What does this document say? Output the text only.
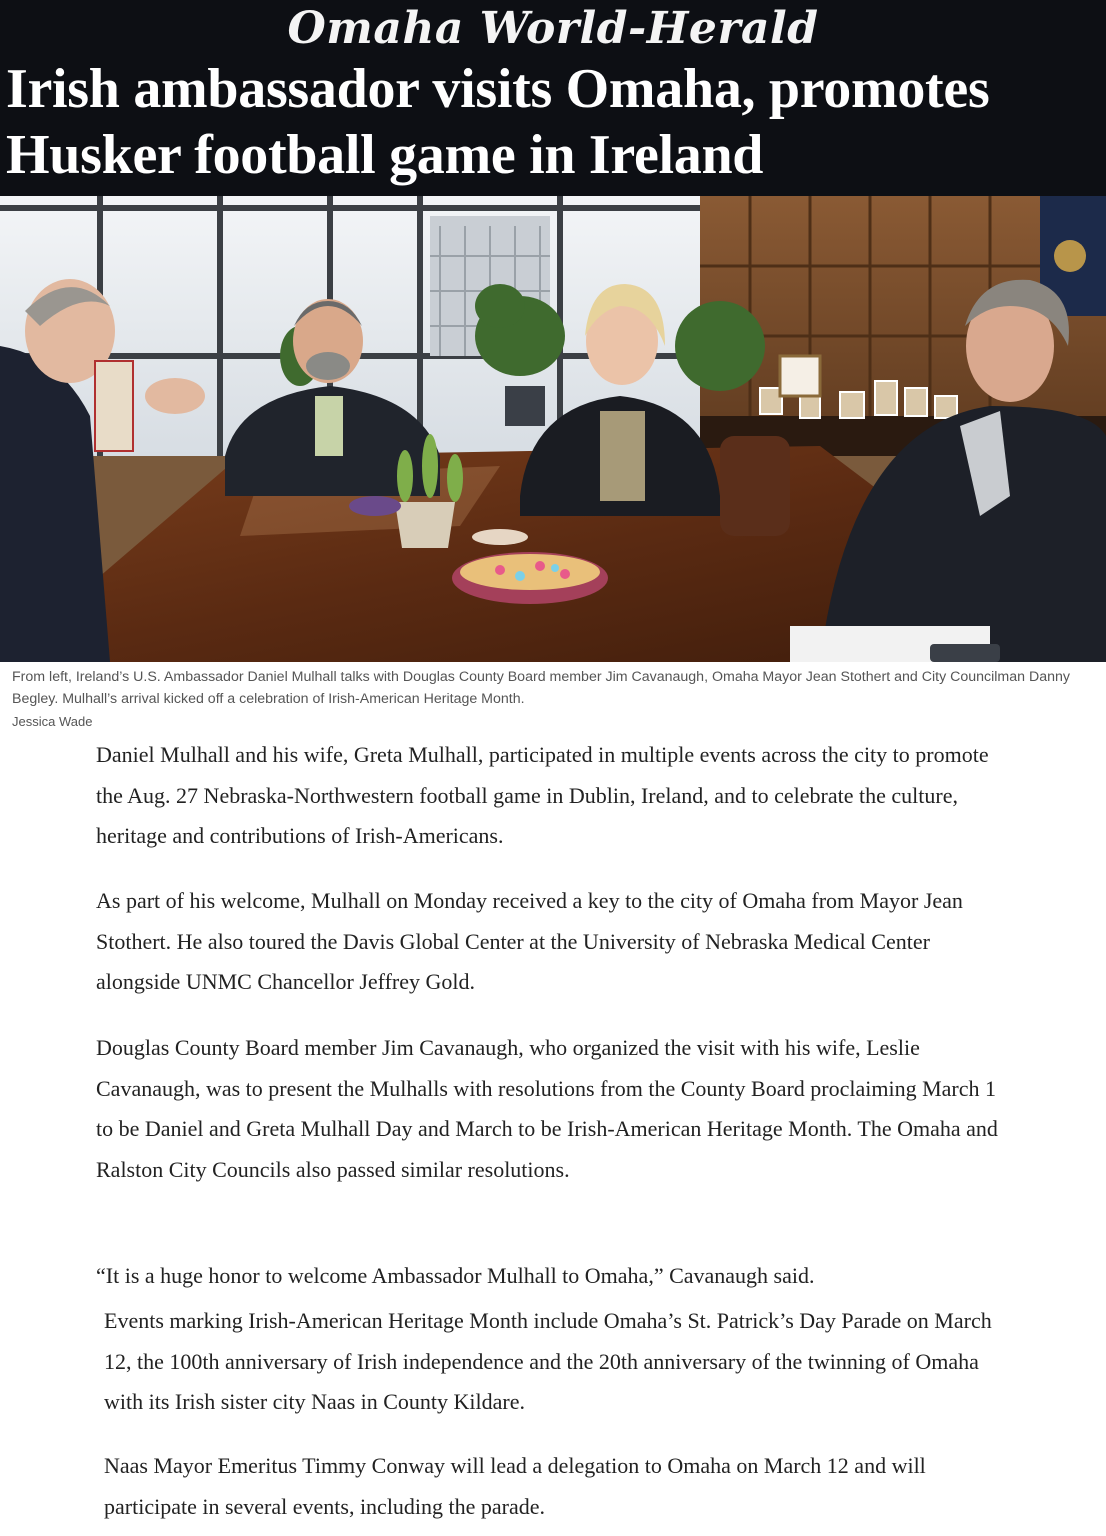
Omaha World-Herald
Irish ambassador visits Omaha, promotes Husker football game in Ireland

From left, Ireland’s U.S. Ambassador Daniel Mulhall talks with Douglas County Board member Jim Cavanaugh, Omaha Mayor Jean Stothert and City Councilman Danny Begley. Mulhall’s arrival kicked off a celebration of Irish-American Heritage Month.

Jessica Wade

Daniel Mulhall and his wife, Greta Mulhall, participated in multiple events across the city to promote the Aug. 27 Nebraska-Northwestern football game in Dublin, Ireland, and to celebrate the culture, heritage and contributions of Irish-Americans.

As part of his welcome, Mulhall on Monday received a key to the city of Omaha from Mayor Jean Stothert. He also toured the Davis Global Center at the University of Nebraska Medical Center alongside UNMC Chancellor Jeffrey Gold.

Douglas County Board member Jim Cavanaugh, who organized the visit with his wife, Leslie Cavanaugh, was to present the Mulhalls with resolutions from the County Board proclaiming March 1 to be Daniel and Greta Mulhall Day and March to be Irish-American Heritage Month. The Omaha and Ralston City Councils also passed similar resolutions.

“It is a huge honor to welcome Ambassador Mulhall to Omaha,” Cavanaugh said.

Events marking Irish-American Heritage Month include Omaha’s St. Patrick’s Day Parade on March 12, the 100th anniversary of Irish independence and the 20th anniversary of the twinning of Omaha with its Irish sister city Naas in County Kildare.

Naas Mayor Emeritus Timmy Conway will lead a delegation to Omaha on March 12 and will participate in several events, including the parade.
